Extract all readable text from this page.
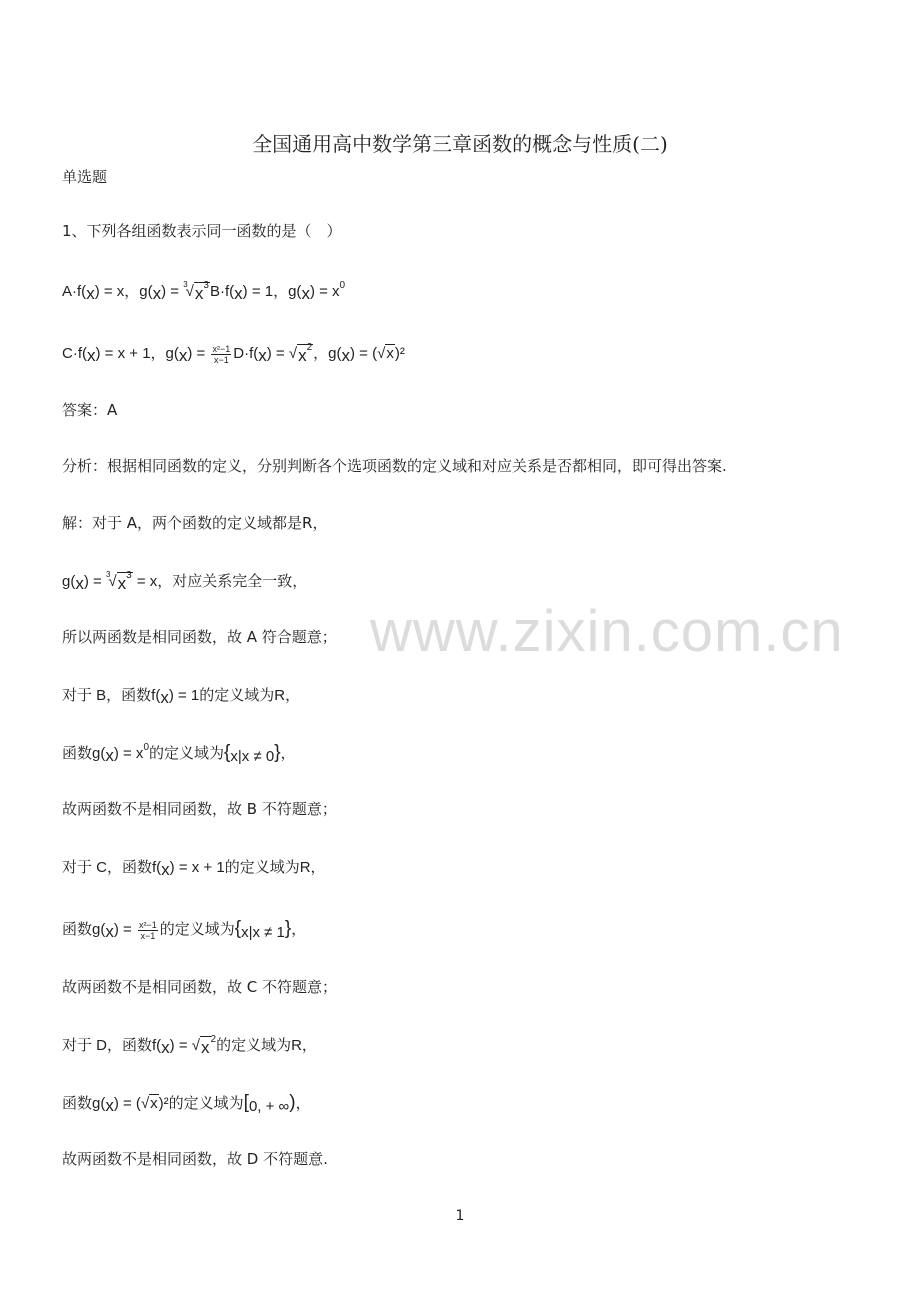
全国通用高中数学第三章函数的概念与性质(二)
单选题
1、下列各组函数表示同一函数的是（　）
A·f(x) = x，$g(x) = ^3√x^3B\cdot f(x) = 1$，$g(x) = x^0$
C·f(x) = x + 1，$g(x) = \frac{\text{x²−1}}{x-1} D\cdot f(x) = √x^2$，g(x) = (√x)²
答案：A
分析：根据相同函数的定义，分别判断各个选项函数的定义域和对应关系是否都相同，即可得出答案.
解：对于 A，两个函数的定义域都是R，
$g(x) = ^3√x^3 = x$，对应关系完全一致，
所以两函数是相同函数，故 A 符合题意；
对于 B，函数f(x) = 1的定义域为R，
函数$g(x) = x^0$的定义域为{x|x ≠ 0}，
故两函数不是相同函数，故 B 不符题意；
对于 C，函数f(x) = x + 1的定义域为R，
函数$g(x) = \frac{\text{x²−1}}{x-1}$ 的定义域为{x|x ≠ 1}，
故两函数不是相同函数，故 C 不符题意；
对于 D，函数$f(x) = √x^2$的定义域为R，
函数g(x) = (√x)²的定义域为[0, + ∞)，
故两函数不是相同函数，故 D 不符题意.
www.zixin.com.cn
1
